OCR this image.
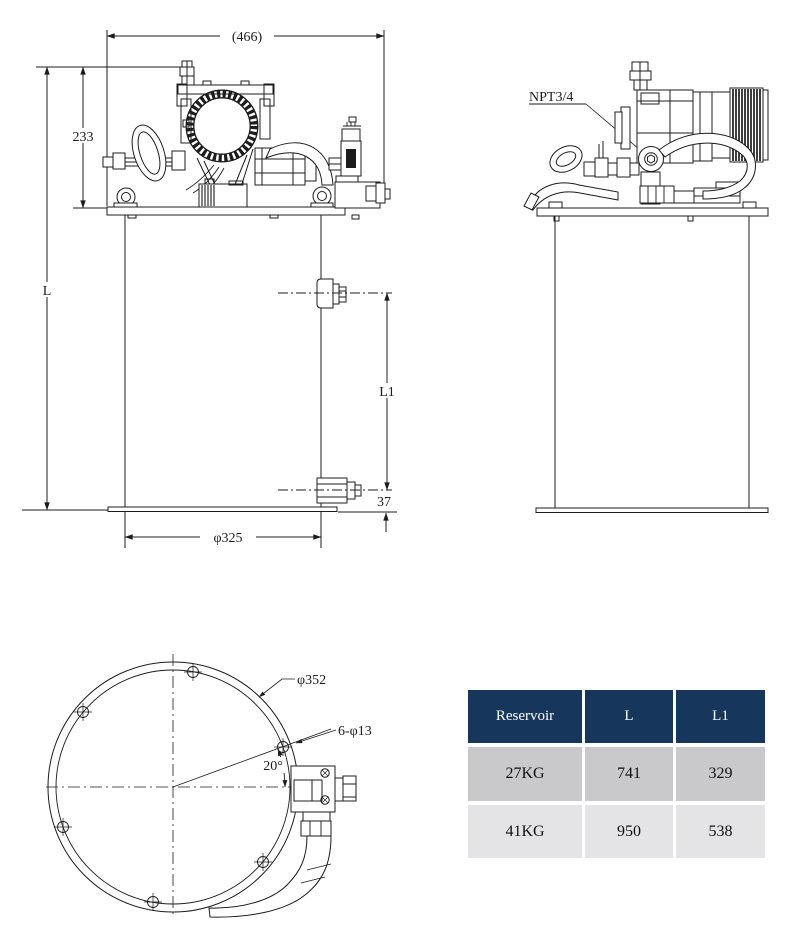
(466)
L
233
L1
37
φ325
NPT3/4
20°
φ352
6-φ13
Reservoir	L	L1
27KG	741	329
41KG	950	538
